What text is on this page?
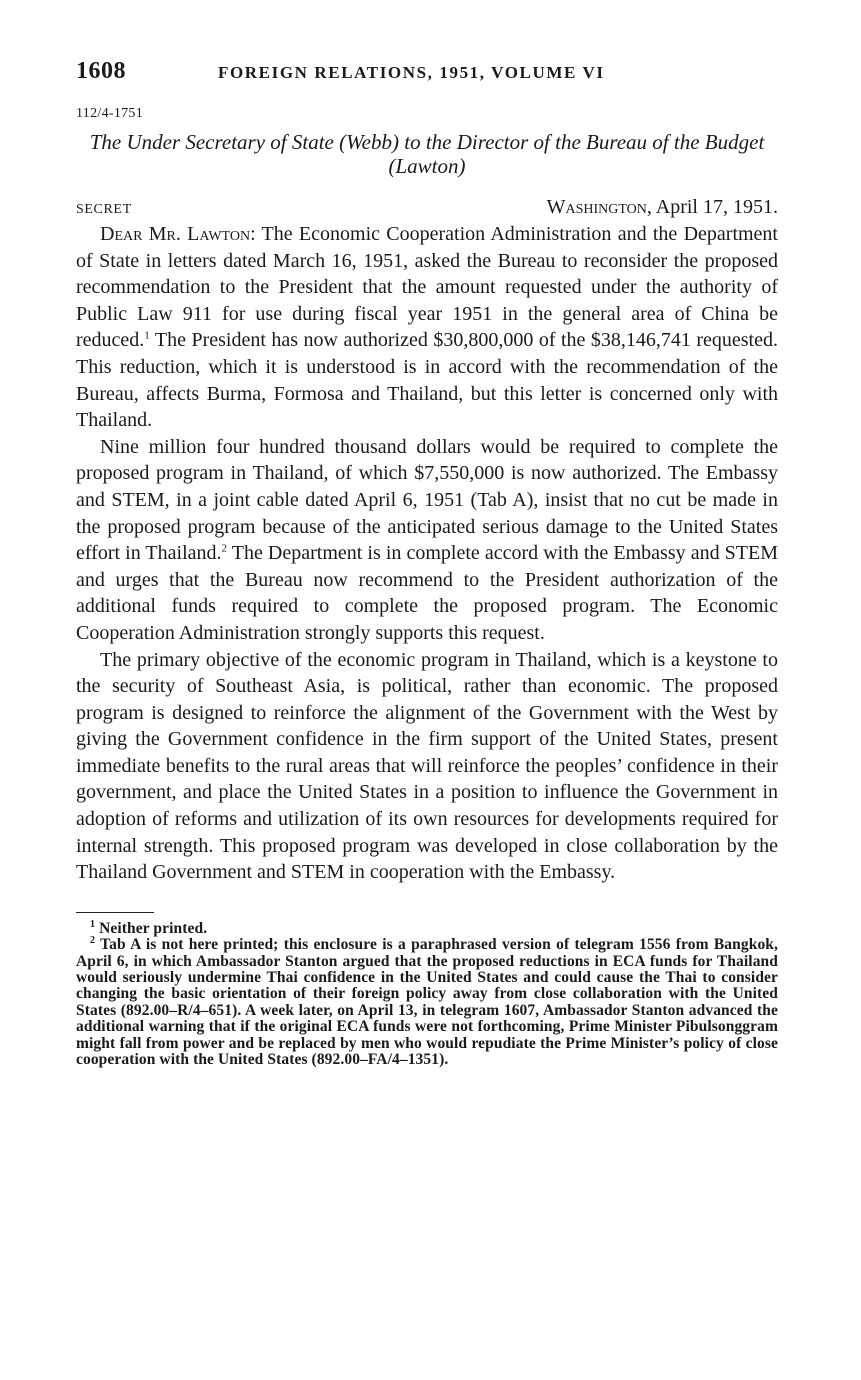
1608	FOREIGN RELATIONS, 1951, VOLUME VI
112/4-1751
The Under Secretary of State (Webb) to the Director of the Bureau of the Budget (Lawton)
SECRET	Washington, April 17, 1951.

Dear Mr. Lawton: The Economic Cooperation Administration and the Department of State in letters dated March 16, 1951, asked the Bureau to reconsider the proposed recommendation to the President that the amount requested under the authority of Public Law 911 for use during fiscal year 1951 in the general area of China be reduced.$^1$ The President has now authorized $30,800,000 of the $38,146,741 requested. This reduction, which it is understood is in accord with the recommendation of the Bureau, affects Burma, Formosa and Thailand, but this letter is concerned only with Thailand.

Nine million four hundred thousand dollars would be required to complete the proposed program in Thailand, of which $7,550,000 is now authorized. The Embassy and STEM, in a joint cable dated April 6, 1951 (Tab A), insist that no cut be made in the proposed program because of the anticipated serious damage to the United States effort in Thailand.$^2$ The Department is in complete accord with the Embassy and STEM and urges that the Bureau now recommend to the President authorization of the additional funds required to complete the proposed program. The Economic Cooperation Administration strongly supports this request.

The primary objective of the economic program in Thailand, which is a keystone to the security of Southeast Asia, is political, rather than economic. The proposed program is designed to reinforce the alignment of the Government with the West by giving the Government confidence in the firm support of the United States, present immediate benefits to the rural areas that will reinforce the peoples’ confidence in their government, and place the United States in a position to influence the Government in adoption of reforms and utilization of its own resources for developments required for internal strength. This proposed program was developed in close collaboration by the Thailand Government and STEM in cooperation with the Embassy.

$^1$ Neither printed.

$^2$ Tab A is not here printed; this enclosure is a paraphrased version of telegram 1556 from Bangkok, April 6, in which Ambassador Stanton argued that the proposed reductions in ECA funds for Thailand would seriously undermine Thai confidence in the United States and could cause the Thai to consider changing the basic orientation of their foreign policy away from close collaboration with the United States (892.00–R/4–651). A week later, on April 13, in telegram 1607, Ambassador Stanton advanced the additional warning that if the original ECA funds were not forthcoming, Prime Minister Pibulsonggram might fall from power and be replaced by men who would repudiate the Prime Minister’s policy of close cooperation with the United States (892.00–FA/4–1351).
